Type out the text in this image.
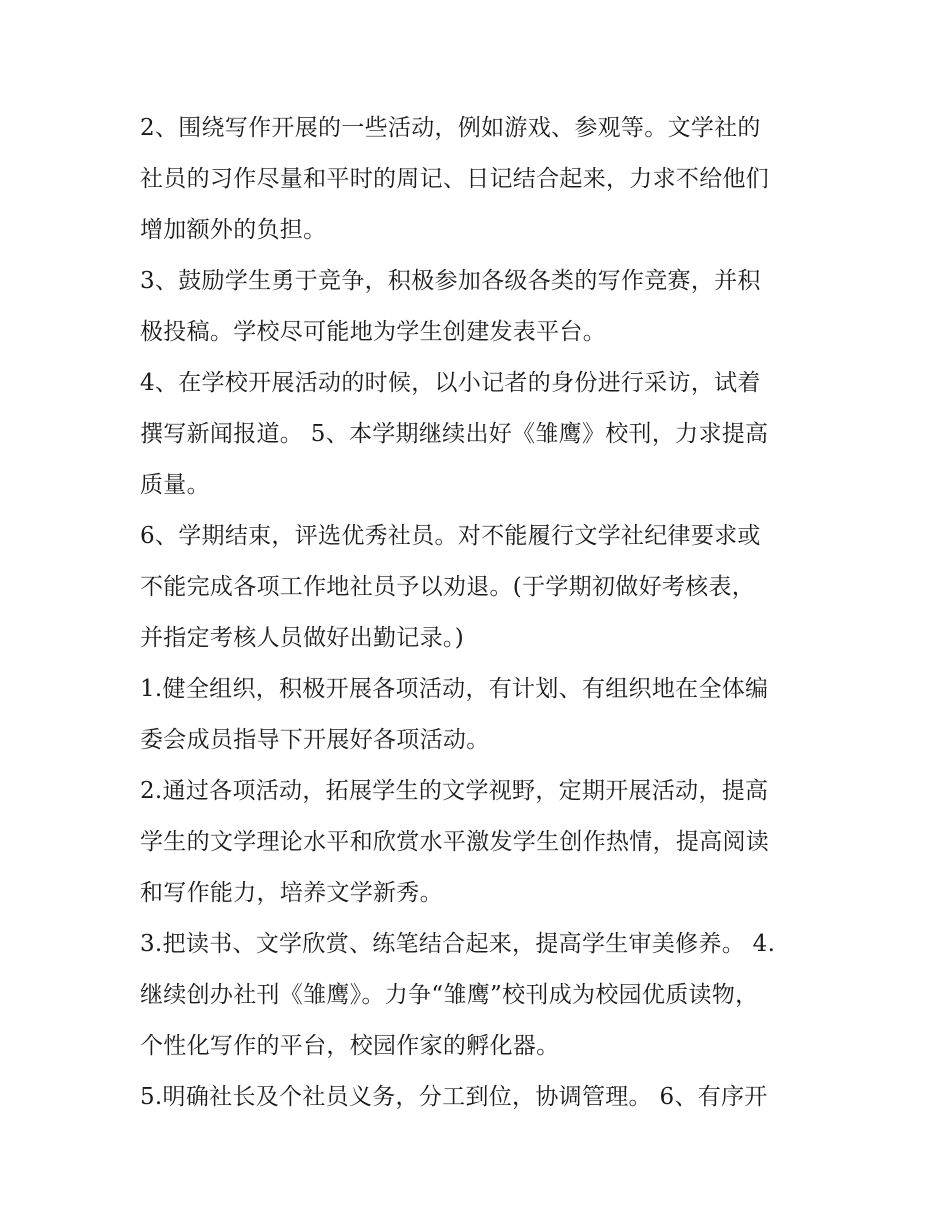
2、围绕写作开展的一些活动，例如游戏、参观等。文学社的
社员的习作尽量和平时的周记、日记结合起来，力求不给他们
增加额外的负担。
3、鼓励学生勇于竞争，积极参加各级各类的写作竞赛，并积
极投稿。学校尽可能地为学生创建发表平台。
4、在学校开展活动的时候，以小记者的身份进行采访，试着
撰写新闻报道。 5、本学期继续出好《雏鹰》校刊，力求提高
质量。
6、学期结束，评选优秀社员。对不能履行文学社纪律要求或
不能完成各项工作地社员予以劝退。(于学期初做好考核表，
并指定考核人员做好出勤记录。)
1.健全组织，积极开展各项活动，有计划、有组织地在全体编
委会成员指导下开展好各项活动。
2.通过各项活动，拓展学生的文学视野，定期开展活动，提高
学生的文学理论水平和欣赏水平激发学生创作热情，提高阅读
和写作能力，培养文学新秀。
3.把读书、文学欣赏、练笔结合起来，提高学生审美修养。 4.
继续创办社刊《雏鹰》。力争“雏鹰”校刊成为校园优质读物，
个性化写作的平台，校园作家的孵化器。
5.明确社长及个社员义务，分工到位，协调管理。 6、有序开
